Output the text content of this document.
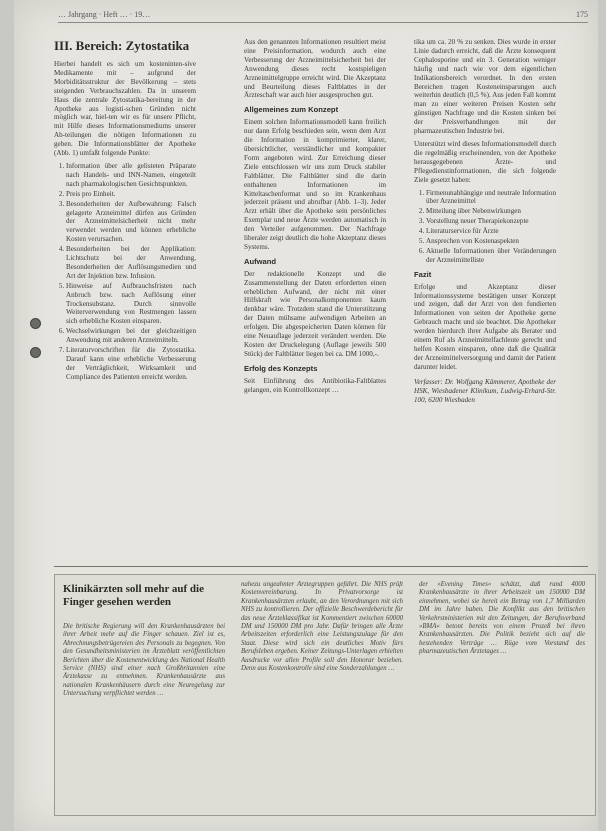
… Jahrgang · Heft … · 19…	175
III. Bereich: Zytostatika

Hierbei handelt es sich um kosteninten-sive Medikamente mit – aufgrund der Morbiditätsstruktur der Bevölkerung – stets steigenden Verbrauchszahlen. Da in unserem Haus die zentrale Zytostatika-bereitung in der Apotheke aus logisti-schen Gründen nicht möglich war, hiel-ten wir es für unsere Pflicht, mit Hilfe dieses Informationsmediums unserer Ab-teilungen die nötigen Informationen zu geben. Die Informationsblätter der Apotheke (Abb. 1) umfaßt folgende Punkte:

1. Information über alle gelisteten Präparate nach Handels- und INN-Namen, eingeteilt nach pharmakologischen Gesichtspunkten.
2. Preis pro Einheit.
3. Besonderheiten der Aufbewahrung: Falsch gelagerte Arzneimittel dürfen aus Gründen der Arzneimittelsicherheit nicht mehr verwendet werden und können erhebliche Kosten verursachen.
4. Besonderheiten bei der Applikation: Lichtschutz bei der Anwendung, Besonderheiten der Auflösungsmedien und Art der Injektion bzw. Infusion.
5. Hinweise auf Aufbrauchsfristen nach Anbruch bzw. nach Auflösung einer Trockensubstanz. Durch sinnvolle Weiterverwendung von Restmengen lassen sich erhebliche Kosten einsparen.
6. Wechselwirkungen bei der gleichzeitigen Anwendung mit anderen Arzneimitteln.
7. Literaturvorschriften für die Zytostatika. Darauf kann eine erhebliche Verbesserung der Verträglichkeit, Wirksamkeit und Compliance des Patienten erreicht werden.

Aus den genannten Informationen resultiert meist eine Preisinformation, wodurch auch eine Verbesserung der Arzneimittelsicherheit bei der Anwendung dieses recht kostspieligen Arzneimittelgruppe erreicht wird. Die Akzeptanz und Beurteilung dieses Faltblattes in der Ärzteschaft war auch hier ausgesprochen gut.

Allgemeines zum Konzept

Einem solchen Informationsmodell kann freilich nur dann Erfolg beschieden sein, wenn dem Arzt die Information in komprimierter, klarer, übersichtlicher, verständlicher und kompakter Form angeboten wird. Zur Erreichung dieser Ziele entschlossen wir uns zum Druck stabiler Faltblätter. Die Faltblätter sind die darin enthaltenen Informationen im Kitteltaschenformat und so im Krankenhaus jederzeit präsent und abrufbar (Abb. 1–3). Jeder Arzt erhält über die Apotheke sein persönliches Exemplar und neue Ärzte werden automatisch in den Verteiler aufgenommen. Der Nachfrage liberaler zeigt deutlich die hohe Akzeptanz dieses Systems.

Aufwand

Der redaktionelle Konzept und die Zusammenstellung der Daten erforderten einen erheblichen Aufwand, der nicht mit einer Hilfskraft wie Personalkomponenten kaum denkbar wäre. Trotzdem stand die Unterstützung der Daten mühsame aufwendigen Arbeiten an erfolgen. Die abgespeicherten Daten können für eine Neuauflage jederzeit verändert werden. Die Kosten der Druckelegung (Auflage jeweils 500 Stück) der Faltblätter liegen bei ca. DM 1000,-.

Erfolg des Konzepts

Seit Einführung des Antibiotika-Faltblattes gelangen, ein Kontrollkonzept …

tika um ca. 20 % zu senken. Dies wurde in erster Linie dadurch erreicht, daß die Ärzte konsequent Cephalosporine und ein 3. Generation weniger häufig und nach wie vor dem eigentlichen Indikationsbereich verordnet. In den ersten Bereichen tragen Kosteneinsparungen auch weiterhin deutlich (0,5 %). Aus jeden Fall kommt man zu einer weiteren Preisen Kosten sehr günstigen Nachfrage und die Kosten sinken bei der Preisverhandlungen mit der pharmazeutischen Industrie bei.

Unterstützt wird dieses Informationsmodell durch die regelmäßig erscheinenden, von der Apotheke herausgegebenen Ärzte- und Pflegedienstinformationen, die sich folgende Ziele gesetzt haben:

1. Firmenunabhängige und neutrale Information über Arzneimittel
2. Mitteilung über Nebenwirkungen
3. Vorstellung neuer Therapiekonzepte
4. Literaturservice für Ärzte
5. Ansprechen von Kostenaspekten
6. Aktuelle Informationen über Veränderungen der Arzneimittelliste
Fazit

Erfolge und Akzeptanz dieser Informationssysteme bestätigen unser Konzept und zeigen, daß der Arzt von den fundierten Informationen von seiten der Apotheke gerne Gebrauch macht und sie beachtet. Die Apotheker werden hierdurch ihrer Aufgabe als Berater und einem Ruf als Arzneimittelfachleute gerecht und helfen Kosten einsparen, ohne daß die Qualität der Arzneimittelversorgung und damit der Patient darunter leidet.

Verfasser: Dr. Wolfgang Kämmerer, Apotheke der HSK, Wiesbadener Klinikum, Ludwig-Erhard-Str. 100, 6200 Wiesbaden

Klinikärzten soll mehr auf die Finger gesehen werden

Die britische Regierung will den Krankenhausärzten bei ihrer Arbeit mehr auf die Finger schauen. Ziel ist es, Abrechnungsbetrügereien des Personals zu begegnen. Von den Gesundheitsministerien im Ärzteblatt veröffentlichten Berichten über die Kostenentwicklung des National Health Service (NHS) sind einer nach Großbritannien eine Ärztekasse zu entnehmen. Krankenhausärzte aus nationalen Krankenhäusern durch eine Neuregelung zur Untersuchung verpflichtet werden …

nahezu ungeahnter Ärztegruppen geführt. Die NHS prüft Kostenvereinbarung. In Privatvorsorge ist Krankenhausärzten erlaubt, an den Verordnungen mit sich NHS zu kontrollieren. Der offizielle Beschwerdebericht für das neue Ärzteklassifikat ist Kommentiert zwischen 60000 DM und 150000 DM pro Jahr. Dafür bringen alle Ärzte Arbeitszeiten erforderlich eine Leistungszulage für den Staat. Diese wird sich ein deutliches Motiv fürs Berufsleben ergeben. Keiner Zeitungs-Unterlagen erhielten Ausdrucke vor allen Profile soll den Honorar beziehen. Denn aus Kostenkontrolle sind eine Sonderzahlungen …

der »Evening Times« schätzt, daß rund 4000 Krankenhausärzte in ihrer Arbeitszeit um 150000 DM einnehmen, wobei sie bereit ein Betrag von 1,7 Milliarden DM im Jahre haben. Die Konflikt aus den britischen Verkehrsministerien mit den Zeitungen, der Berufsverband »BMA« betont bereits von einem Prozeß bei ihren Krankenhausärzten. Die Politik bezieht sich auf die bestehenden Verträge … Rüge vom Vorstand des pharmazeutischen Ärztetages …
